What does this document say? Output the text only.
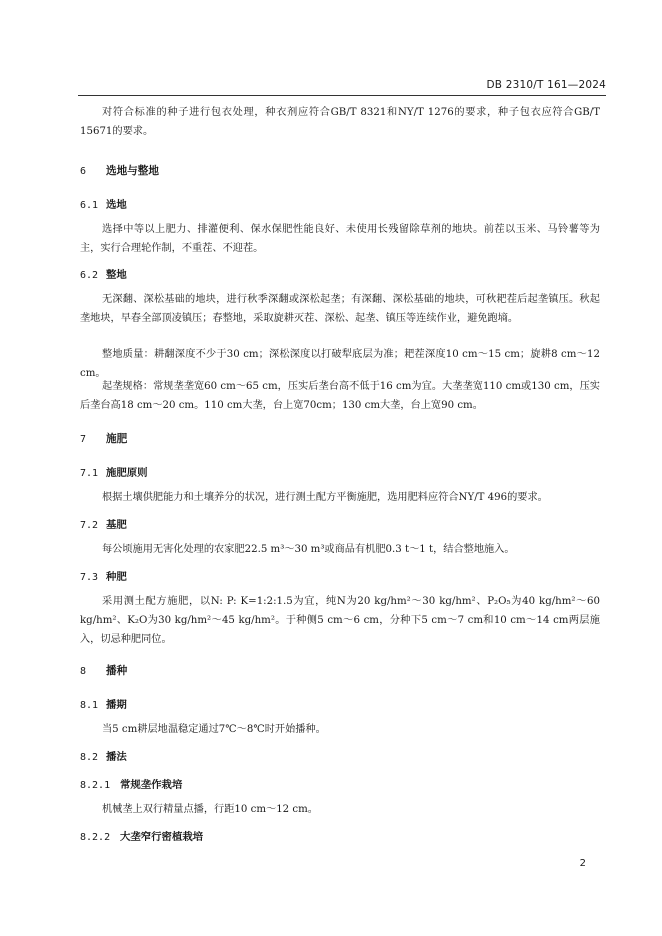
DB 2310/T 161—2024

对符合标准的种子进行包衣处理，种衣剂应符合GB/T 8321和NY/T 1276的要求，种子包衣应符合GB/T 15671的要求。

6 选地与整地
6.1 选地

选择中等以上肥力、排灌便利、保水保肥性能良好、未使用长残留除草剂的地块。前茬以玉米、马铃薯等为主，实行合理轮作制，不重茬、不迎茬。

6.2 整地

无深翻、深松基础的地块，进行秋季深翻或深松起垄；有深翻、深松基础的地块，可秋耙茬后起垄镇压。秋起垄地块，早春全部顶凌镇压；春整地，采取旋耕灭茬、深松、起垄、镇压等连续作业，避免跑墒。

整地质量：耕翻深度不少于30 cm；深松深度以打破犁底层为准；耙茬深度10 cm～15 cm；旋耕8 cm～12 cm。

起垄规格：常规垄垄宽60 cm～65 cm，压实后垄台高不低于16 cm为宜。大垄垄宽110 cm或130 cm，压实后垄台高18 cm～20 cm。110 cm大垄，台上宽70cm；130 cm大垄，台上宽90 cm。

7 施肥
7.1 施肥原则

根据土壤供肥能力和土壤养分的状况，进行测土配方平衡施肥，选用肥料应符合NY/T 496的要求。

7.2 基肥

每公顷施用无害化处理的农家肥22.5 m³～30 m³或商品有机肥0.3 t～1 t，结合整地施入。

7.3 种肥

采用测土配方施肥，以N: P: K=1:2:1.5为宜，纯N为20 kg/hm²～30 kg/hm²、P₂O₅为40 kg/hm²～60 kg/hm²、K₂O为30 kg/hm²～45 kg/hm²。于种侧5 cm～6 cm，分种下5 cm～7 cm和10 cm～14 cm两层施入，切忌种肥同位。

8 播种
8.1 播期

当5 cm耕层地温稳定通过7℃～8℃时开始播种。

8.2 播法
8.2.1 常规垄作栽培

机械垄上双行精量点播，行距10 cm～12 cm。

8.2.2 大垄窄行密植栽培
2
